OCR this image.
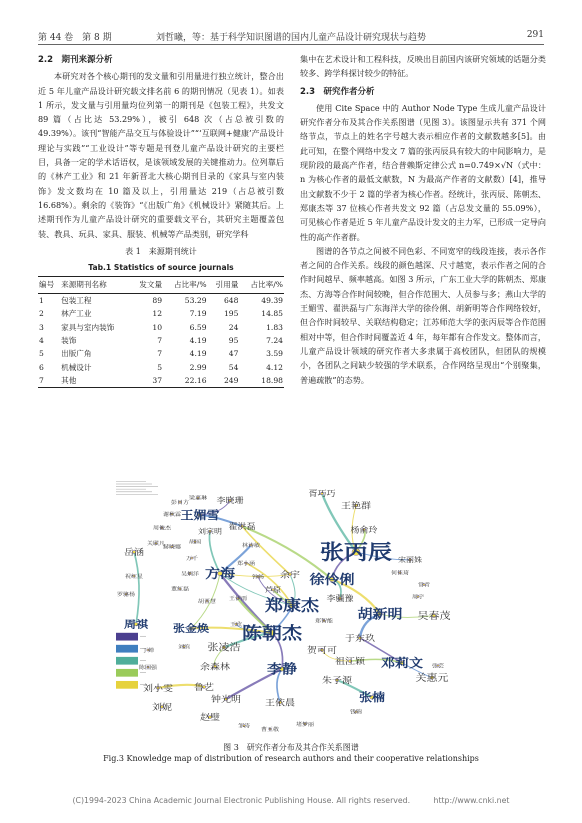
第 44 卷　第 8 期	刘哲曦，等：基于科学知识图谱的国内儿童产品设计研究现状与趋势	291
2.2　期刊来源分析

本研究对各个核心期刊的发文量和引用量进行独立统计，整合出近 5 年儿童产品设计研究载文排名前 6 的期刊情况（见表 1）。如表 1 所示，发文量与引用量均位列第一的期刊是《包装工程》，共发文 89 篇（占比达 53.29%），被引 648 次（占总被引数的 49.39%）。该刊“智能产品交互与体验设计”“‘互联网+健康’产品设计理论与实践”“工业设计”等专题是刊登儿童产品设计研究的主要栏目，具备一定的学术话语权，是该领域发展的关键推动力。位列靠后的《林产工业》和 21 年新晋北大核心期刊目录的《家具与室内装饰》发文数均在 10 篇及以上，引用量达 219（占总被引数 16.68%）。剩余的《装饰》“《出版广角》《机械设计》紧随其后。上述期刊作为儿童产品设计研究的重要载文平台，其研究主题覆盖包装、教具、玩具、家具、服装、机械等产品类别，研究学科

表 1　来源期刊统计
Tab.1 Statistics of source journals
编号	来源期刊名称	发文量	占比率/%	引用量	占比率/%
1	包装工程	89	53.29	648	49.39
2	林产工业	12	7.19	195	14.85
3	家具与室内装饰	10	6.59	24	1.83
4	装饰	7	4.19	95	7.24
5	出版广角	7	4.19	47	3.59
6	机械设计	5	2.99	54	4.12
7	其他	37	22.16	249	18.98

集中在艺术设计和工程科技，反映出目前国内该研究领域的话题分类较多、跨学科探讨较少的特征。

2.3　研究作者分析

使用 Cite Space 中的 Author Node Type 生成儿童产品设计研究作者分布及其合作关系图谱（见图 3）。该图显示共有 371 个网络节点，节点上的姓名字号越大表示相应作者的文献数越多[5]。由此可知，在整个网络中发文 7 篇的张丙辰具有较大的中间影响力，是现阶段的最高产作者，结合普赖斯定律公式 n=0.749×√N（式中：n 为核心作者的最低文献数，N 为最高产作者的文献数）[4]，推导出文献数不少于 2 篇的学者为核心作者。经统计，张丙辰、陈朝杰、郑康杰等 37 位核心作者共发文 92 篇（占总发文量的 55.09%），可见核心作者是近 5 年儿童产品设计发文的主力军，已形成一定导向性的高产作者群。

图谱的各节点之间被不同色彩、不同宽窄的线段连接，表示各作者之间的合作关系。线段的颜色越深、尺寸越宽，表示作者之间的合作时间越早、频率越高。如图 3 所示，广东工业大学的陈朝杰、郑康杰、方海等合作时间较晚，但合作范围大、人员参与多；燕山大学的王媚雪、翟洪磊与广东海洋大学的徐伶俐、胡新明等合作网络较好，但合作时间较早、关联结构稳定；江苏师范大学的张丙辰等合作范围相对中等，但合作时间覆盖近 4 年，每年都有合作发文。整体而言，儿童产品设计领域的研究作者大多隶属于高校团队，但团队的规模小，各团队之间缺少较强的学术联系，合作网络呈现出“个别聚集，普遍疏散”的态势。

李晓珊
翟洪磊
王媚雪
刘宗明
彭日方
梁嘉琳
谢秋霖
周俊杰
胡国
关联凡
岳涵	赫晓娜
万千
方海
吴炳洋
林诗敏
郑小涵
钟畅 余宇
芦原
祝红星
罗骆杨
董红磊
胡晋慧 王伊雨
周祺 张金焕
郑康杰
王欣 陈朝杰
丁婵
刘滨 张凌浩
陈国强	余森林 李静
刘小雯 鲁艺
钟光明 王依晨
刘妮
赵璧
邹涛
曹玉敬
堵梦丽
胥巧巧
王艳群
杨俞玲
张丙辰
徐伶俐
宋丽姝
何佳琦
常青
李疆豫	周宇
胡新明
郑智能	吴春茂
于东玖
贺可可
祖江颖 邓莉文 张芸
朱子源	关惠元
张楠
钱锦
图 3　研究作者分布及其合作关系图谱
Fig.3 Knowledge map of distribution of research authors and their cooperative relationships
(C)1994-2023 China Academic Journal Electronic Publishing House. All rights reserved.　　　http://www.cnki.net
